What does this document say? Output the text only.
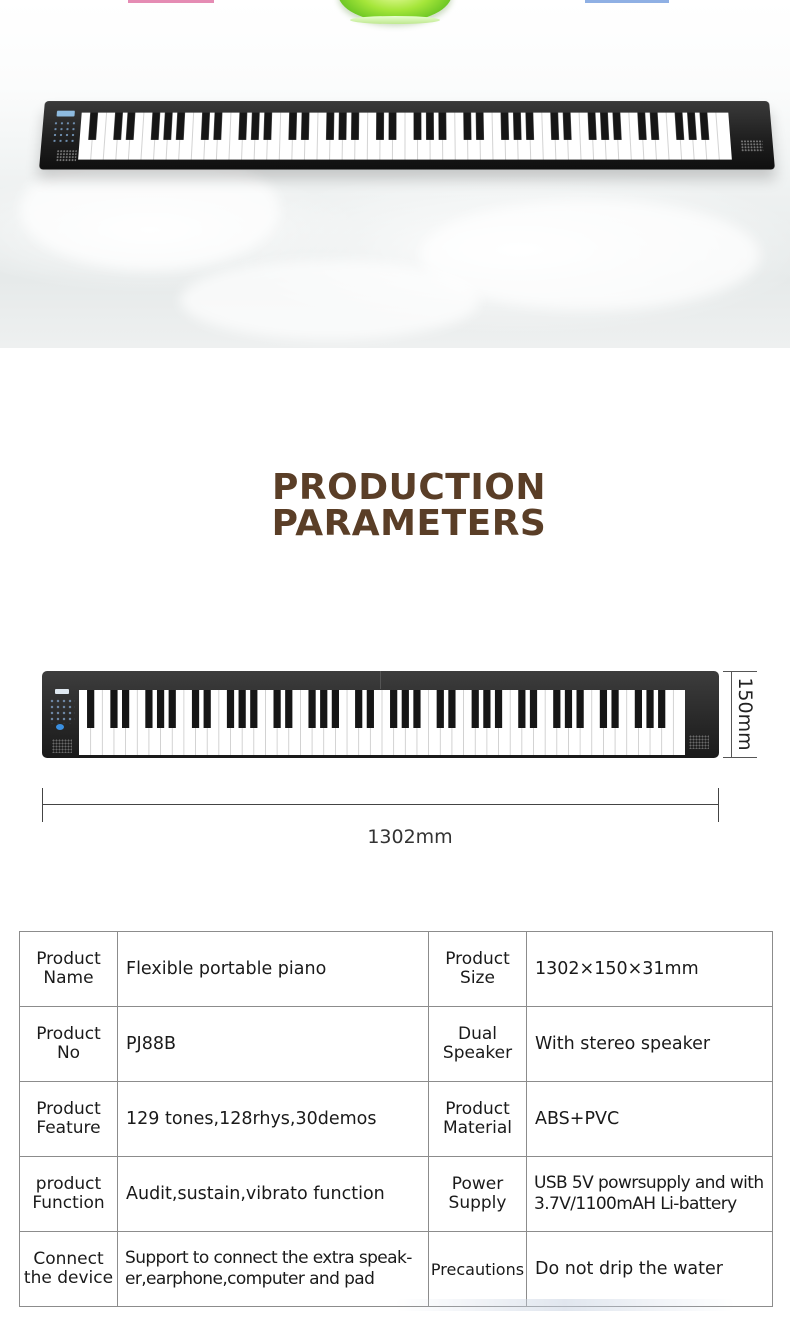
PRODUCTION
PARAMETERS
150mm
1302mm
Product Name	Flexible portable piano	Product Size	1302×150×31mm
Product No	PJ88B	Dual Speaker	With stereo speaker
Product Feature	129 tones,128rhys,30demos	Product Material	ABS+PVC
product Function	Audit,sustain,vibrato function	Power Supply	USB 5V powrsupply and with 3.7V/1100mAH Li-battery
Connect the device	Support to connect the extra speak-er,earphone,computer and pad	Precautions	Do not drip the water
